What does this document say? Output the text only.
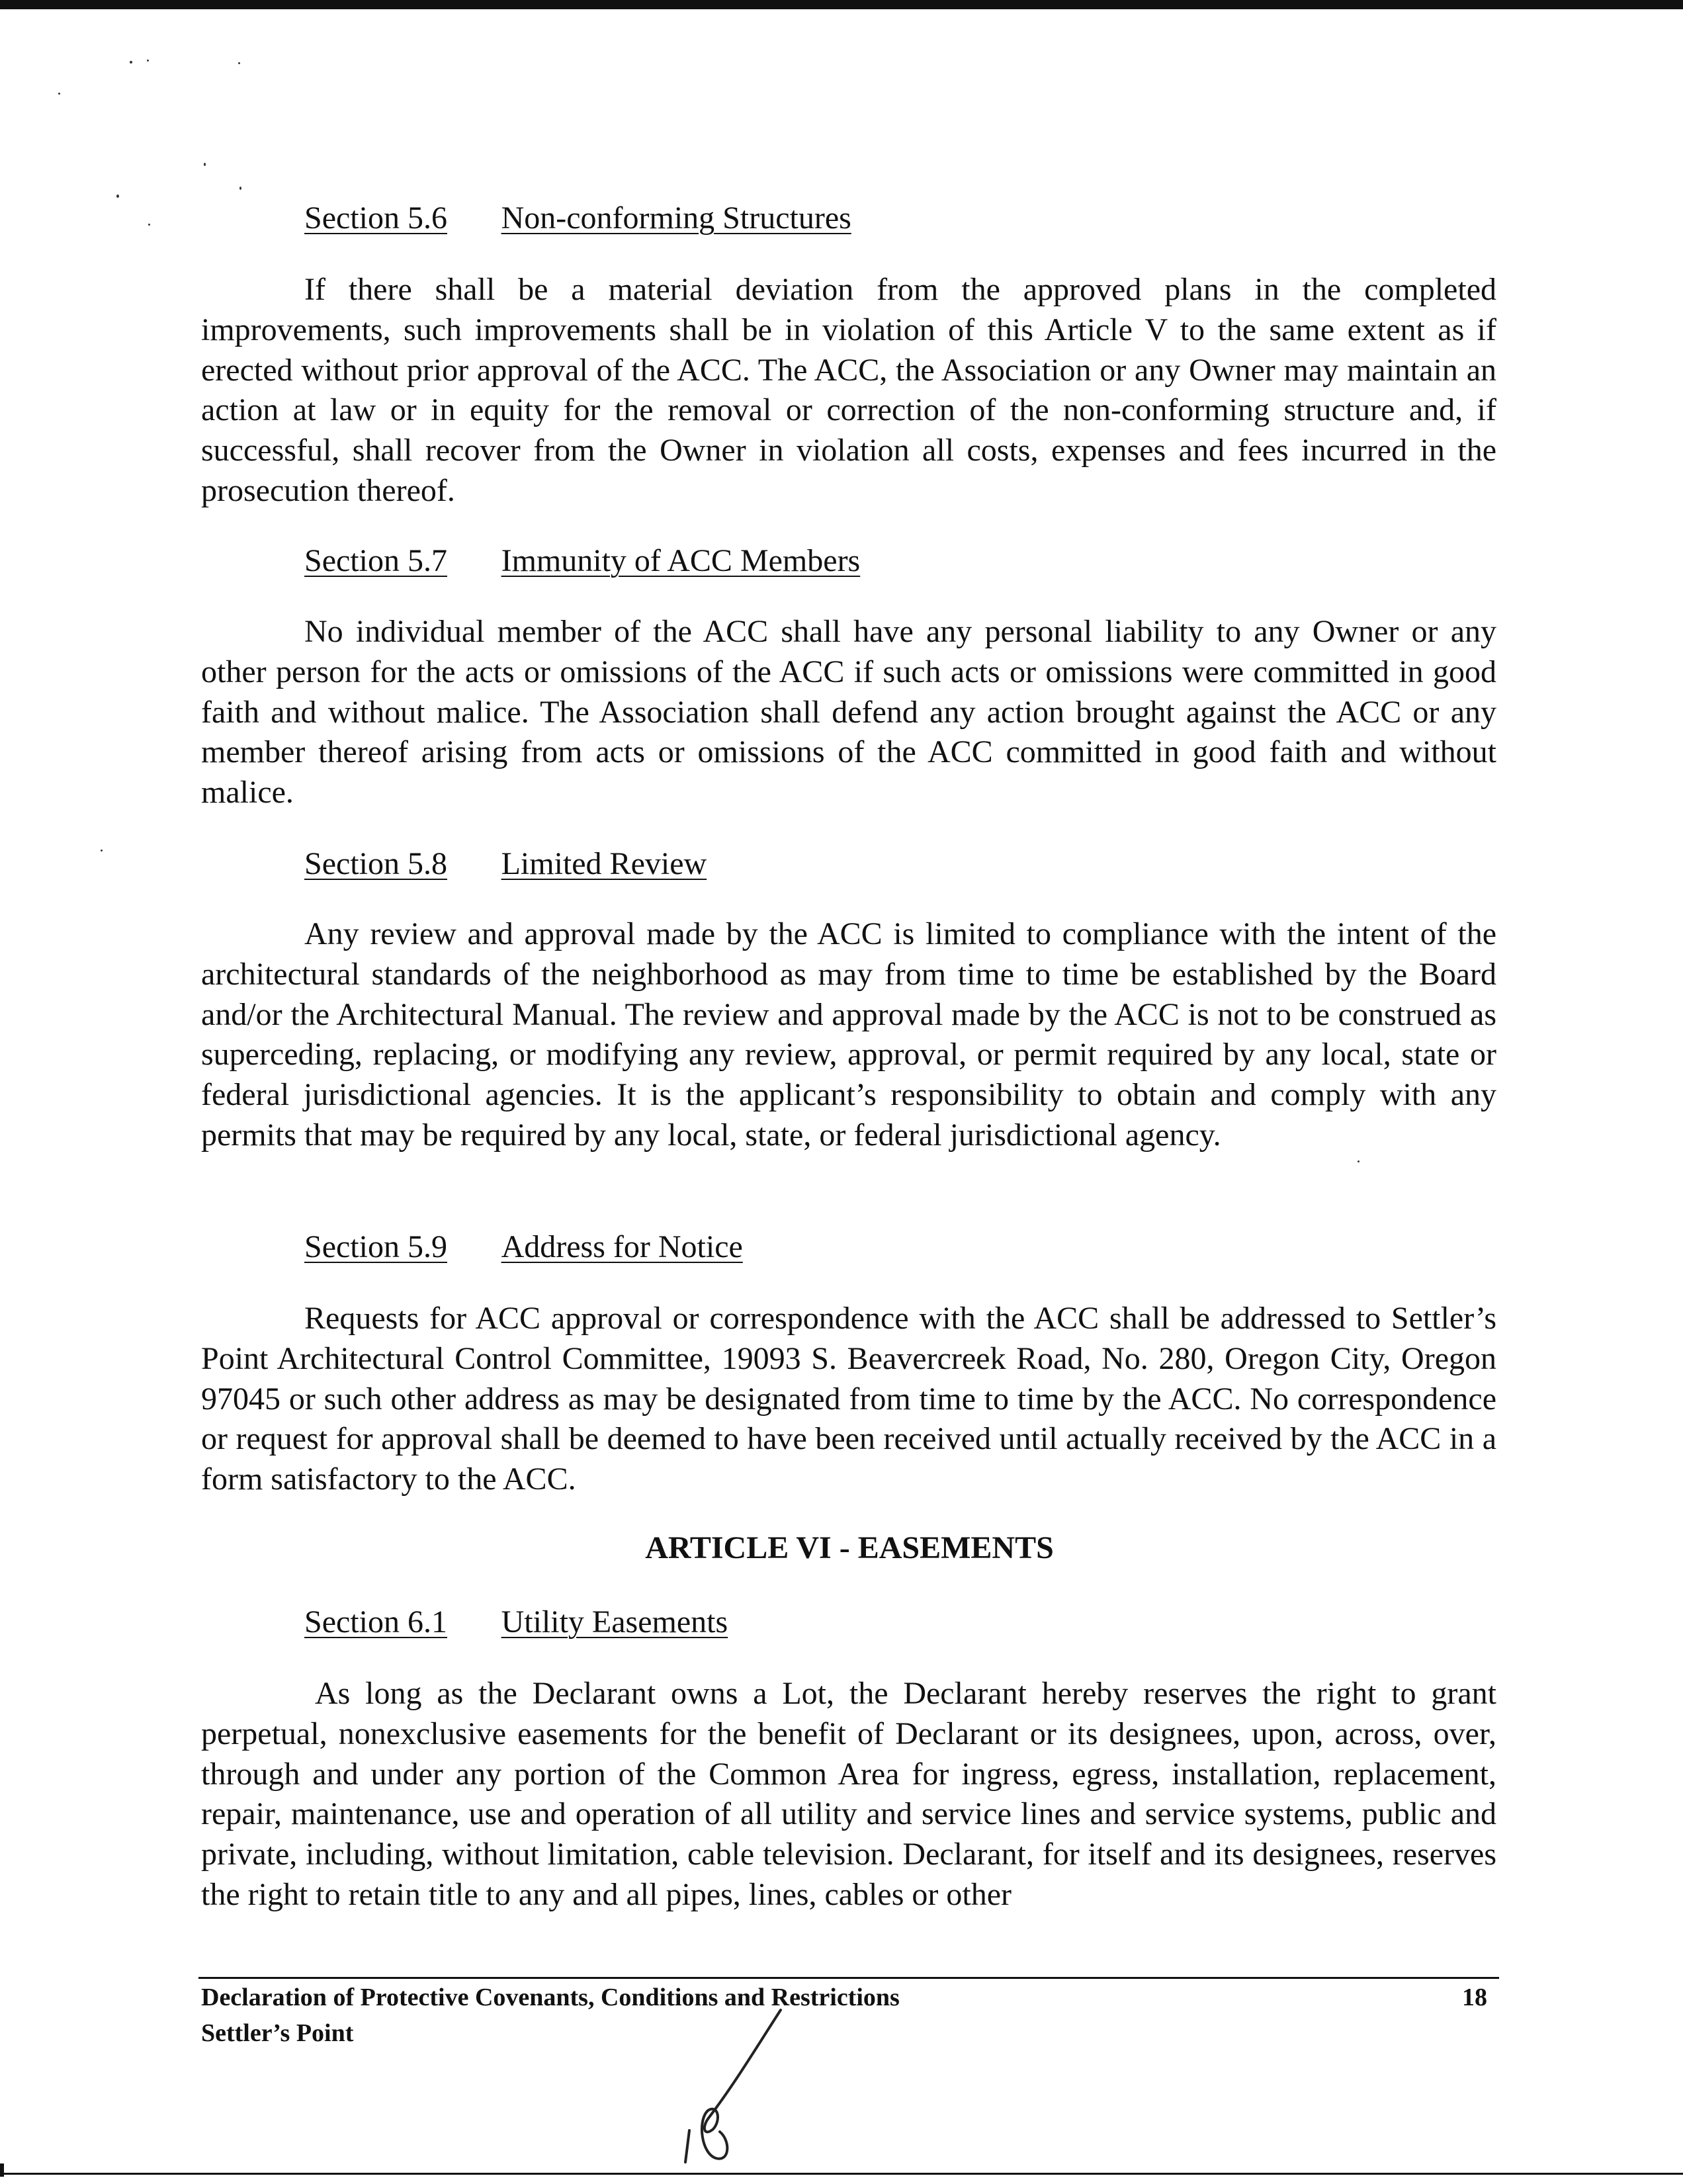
Section 5.6 Non-conforming Structures

If there shall be a material deviation from the approved plans in the completed improvements, such improvements shall be in violation of this Article V to the same extent as if erected without prior approval of the ACC. The ACC, the Association or any Owner may maintain an action at law or in equity for the removal or correction of the non-conforming structure and, if successful, shall recover from the Owner in violation all costs, expenses and fees incurred in the prosecution thereof.

Section 5.7 Immunity of ACC Members

No individual member of the ACC shall have any personal liability to any Owner or any other person for the acts or omissions of the ACC if such acts or omissions were committed in good faith and without malice. The Association shall defend any action brought against the ACC or any member thereof arising from acts or omissions of the ACC committed in good faith and without malice.

Section 5.8 Limited Review

Any review and approval made by the ACC is limited to compliance with the intent of the architectural standards of the neighborhood as may from time to time be established by the Board and/or the Architectural Manual. The review and approval made by the ACC is not to be construed as superceding, replacing, or modifying any review, approval, or permit required by any local, state or federal jurisdictional agencies. It is the applicant’s responsibility to obtain and comply with any permits that may be required by any local, state, or federal jurisdictional agency.

Section 5.9 Address for Notice

Requests for ACC approval or correspondence with the ACC shall be addressed to Settler’s Point Architectural Control Committee, 19093 S. Beavercreek Road, No. 280, Oregon City, Oregon 97045 or such other address as may be designated from time to time by the ACC. No correspondence or request for approval shall be deemed to have been received until actually received by the ACC in a form satisfactory to the ACC.

ARTICLE VI - EASEMENTS
Section 6.1 Utility Easements

As long as the Declarant owns a Lot, the Declarant hereby reserves the right to grant perpetual, nonexclusive easements for the benefit of Declarant or its designees, upon, across, over, through and under any portion of the Common Area for ingress, egress, installation, replacement, repair, maintenance, use and operation of all utility and service lines and service systems, public and private, including, without limitation, cable television. Declarant, for itself and its designees, reserves the right to retain title to any and all pipes, lines, cables or other

Declaration of Protective Covenants, Conditions and Restrictions
Settler’s Point
18
